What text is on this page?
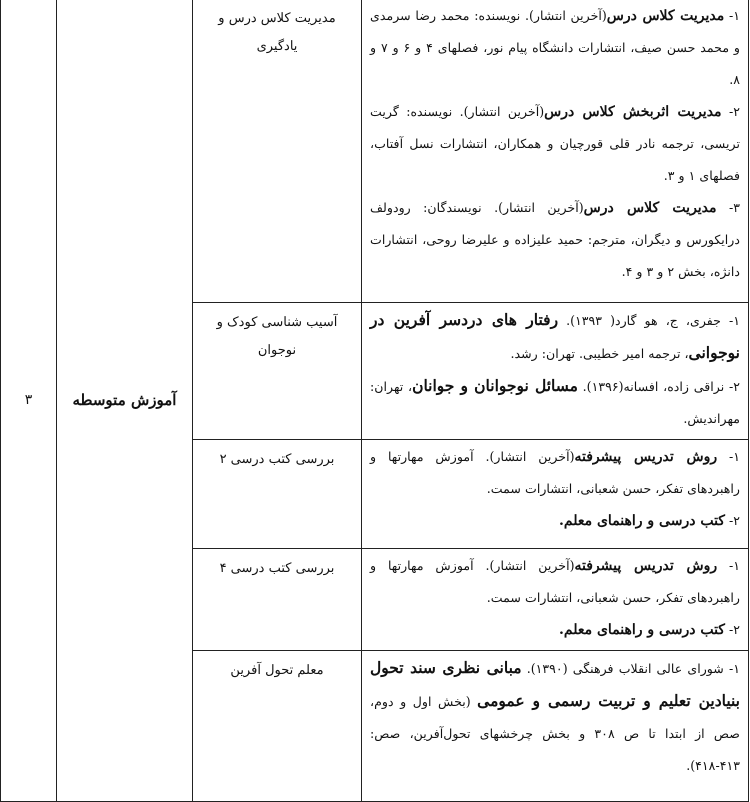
۱- مدیریت کلاس درس(آخرین انتشار). نویسنده: محمد رضا سرمدی و محمد حسن صیف، انتشارات دانشگاه پیام نور، فصلهای ۴ و ۶ و ۷ و ۸.

۲- مدیریت اثربخش کلاس درس(آخرین انتشار). نویسنده: گریت تریسی، ترجمه نادر قلی قورچیان و همکاران، انتشارات نسل آفتاب، فصلهای ۱ و ۳.

۳- مدیریت کلاس درس(آخرین انتشار). نویسندگان: رودولف درایکورس و دیگران، مترجم: حمید علیزاده و علیرضا روحی، انتشارات دانژه، بخش ۲ و ۳ و ۴.	مدیریت کلاس درس و یادگیری	آموزش متوسطه	۳

۱- جفری، ج، هو گارد( ۱۳۹۳). رفتار های دردسر آفرین در نوجوانی، ترجمه امیر خطیبی. تهران: رشد.

۲- نراقی زاده، افسانه(۱۳۹۶). مسائل نوجوانان و جوانان، تهران: مهراندیش.	آسیب شناسی کودک و نوجوان		

۱- روش تدریس پیشرفته(آخرین انتشار). آموزش مهارتها و راهبردهای تفکر، حسن شعبانی، انتشارات سمت.

۲- کتب درسی و راهنمای معلم.	بررسی کتب درسی ۲		

۱- روش تدریس پیشرفته(آخرین انتشار). آموزش مهارتها و راهبردهای تفکر، حسن شعبانی، انتشارات سمت.

۲- کتب درسی و راهنمای معلم.	بررسی کتب درسی ۴		

۱- شورای عالی انقلاب فرهنگی (۱۳۹۰). مبانی نظری سند تحول بنیادین تعلیم و تربیت رسمی و عمومی (بخش اول و دوم، صص از ابتدا تا ص ۳۰۸ و بخش چرخشهای تحول‌آفرین، صص: ۴۱۳-۴۱۸).	معلم تحول آفرین		
